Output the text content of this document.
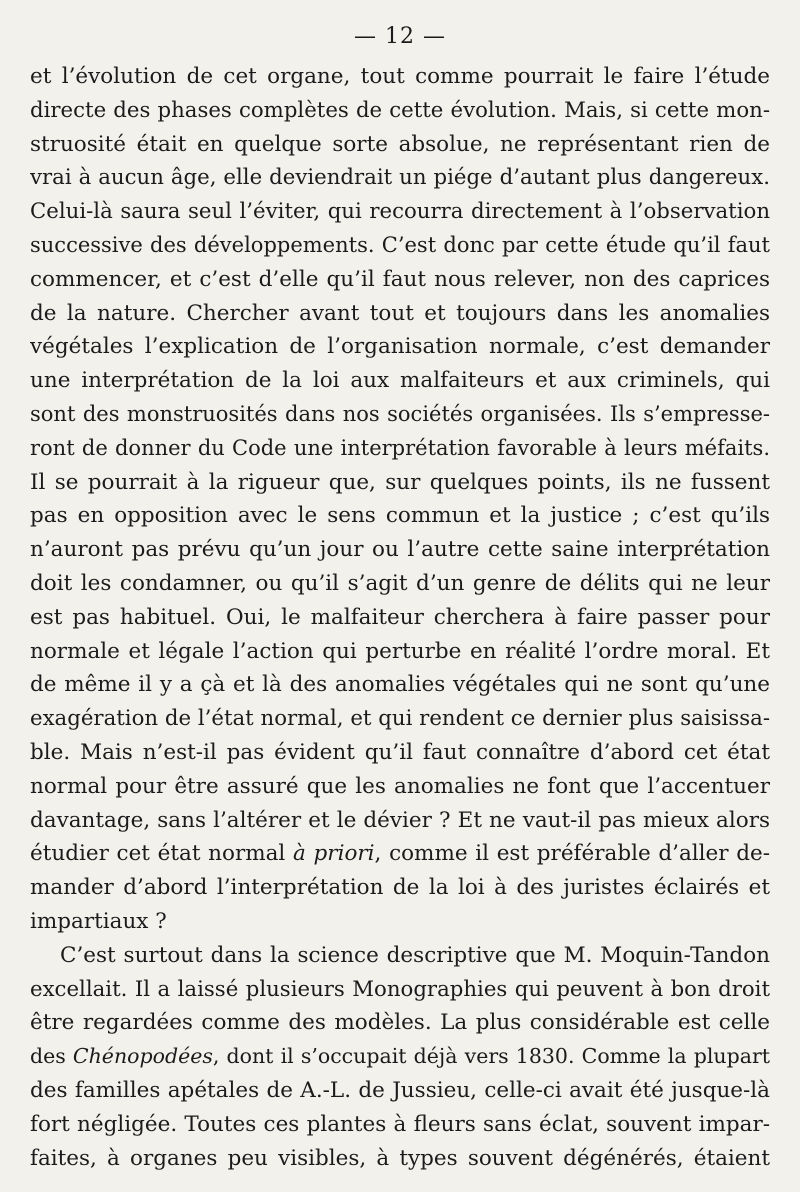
— 12 —
et l’évolution de cet organe, tout comme pourrait le faire l’étude
directe des phases complètes de cette évolution. Mais, si cette mon-
struosité était en quelque sorte absolue, ne représentant rien de
vrai à aucun âge, elle deviendrait un piége d’autant plus dangereux.
Celui-là saura seul l’éviter, qui recourra directement à l’observation
successive des développements. C’est donc par cette étude qu’il faut
commencer, et c’est d’elle qu’il faut nous relever, non des caprices
de la nature. Chercher avant tout et toujours dans les anomalies
végétales l’explication de l’organisation normale, c’est demander
une interprétation de la loi aux malfaiteurs et aux criminels, qui
sont des monstruosités dans nos sociétés organisées. Ils s’empresse-
ront de donner du Code une interprétation favorable à leurs méfaits.
Il se pourrait à la rigueur que, sur quelques points, ils ne fussent
pas en opposition avec le sens commun et la justice ; c’est qu’ils
n’auront pas prévu qu’un jour ou l’autre cette saine interprétation
doit les condamner, ou qu’il s’agit d’un genre de délits qui ne leur
est pas habituel. Oui, le malfaiteur cherchera à faire passer pour
normale et légale l’action qui perturbe en réalité l’ordre moral. Et
de même il y a çà et là des anomalies végétales qui ne sont qu’une
exagération de l’état normal, et qui rendent ce dernier plus saisissa-
ble. Mais n’est-il pas évident qu’il faut connaître d’abord cet état
normal pour être assuré que les anomalies ne font que l’accentuer
davantage, sans l’altérer et le dévier ? Et ne vaut-il pas mieux alors
étudier cet état normal à priori, comme il est préférable d’aller de-
mander d’abord l’interprétation de la loi à des juristes éclairés et
impartiaux ?
C’est surtout dans la science descriptive que M. Moquin-Tandon
excellait. Il a laissé plusieurs Monographies qui peuvent à bon droit
être regardées comme des modèles. La plus considérable est celle
des Chénopodées, dont il s’occupait déjà vers 1830. Comme la plupart
des familles apétales de A.-L. de Jussieu, celle-ci avait été jusque-là
fort négligée. Toutes ces plantes à fleurs sans éclat, souvent impar-
faites, à organes peu visibles, à types souvent dégénérés, étaient
